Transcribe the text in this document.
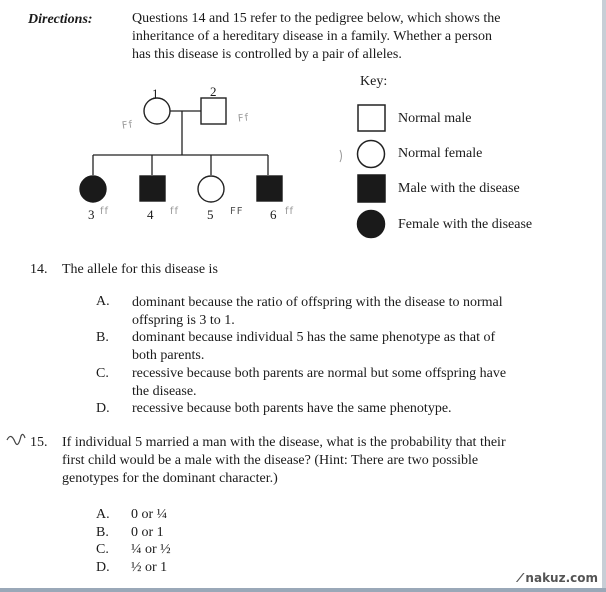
Directions:	Questions 14 and 15 refer to the pedigree below, which shows the
inheritance of a hereditary disease in a family. Whether a person
has this disease is controlled by a pair of alleles.
1	2
3	4	5	6
Ff
Ff
ff	ff	FF	ff
Key:
Normal male
Normal female
Male with the disease
Female with the disease
14. The allele for this disease is
A. dominant because the ratio of offspring with the disease to normal
offspring is 3 to 1.
B. dominant because individual 5 has the same phenotype as that of
both parents.
C. recessive because both parents are normal but some offspring have
the disease.
D. recessive because both parents have the same phenotype.
15. If individual 5 married a man with the disease, what is the probability that their
first child would be a male with the disease? (Hint: There are two possible
genotypes for the dominant character.)
A. 0 or ¼
B. 0 or 1
C. ¼ or ½
D. ½ or 1
⁄ nakuz.com
